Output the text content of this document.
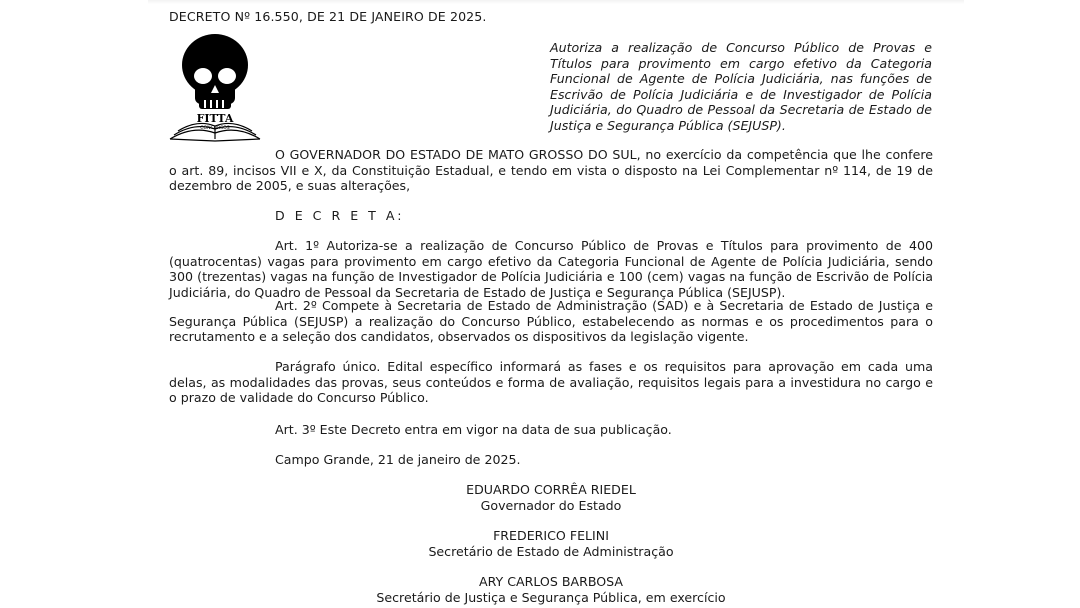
DECRETO Nº 16.550, DE 21 DE JANEIRO DE 2025.
FITTA
CONCURSOS
Autoriza a realização de Concurso Público de Provas e Títulos para provimento em cargo efetivo da Categoria Funcional de Agente de Polícia Judiciária, nas funções de Escrivão de Polícia Judiciária e de Investigador de Polícia Judiciária, do Quadro de Pessoal da Secretaria de Estado de Justiça e Segurança Pública (SEJUSP).
O GOVERNADOR DO ESTADO DE MATO GROSSO DO SUL, no exercício da competência que lhe confere o art. 89, incisos VII e X, da Constituição Estadual, e tendo em vista o disposto na Lei Complementar nº 114, de 19 de dezembro de 2005, e suas alterações,
D E C R E T A:
Art. 1º Autoriza-se a realização de Concurso Público de Provas e Títulos para provimento de 400 (quatrocentas) vagas para provimento em cargo efetivo da Categoria Funcional de Agente de Polícia Judiciária, sendo 300 (trezentas) vagas na função de Investigador de Polícia Judiciária e 100 (cem) vagas na função de Escrivão de Polícia Judiciária, do Quadro de Pessoal da Secretaria de Estado de Justiça e Segurança Pública (SEJUSP).
Art. 2º Compete à Secretaria de Estado de Administração (SAD) e à Secretaria de Estado de Justiça e Segurança Pública (SEJUSP) a realização do Concurso Público, estabelecendo as normas e os procedimentos para o recrutamento e a seleção dos candidatos, observados os dispositivos da legislação vigente.
Parágrafo único. Edital específico informará as fases e os requisitos para aprovação em cada uma delas, as modalidades das provas, seus conteúdos e forma de avaliação, requisitos legais para a investidura no cargo e o prazo de validade do Concurso Público.
Art. 3º Este Decreto entra em vigor na data de sua publicação.
Campo Grande, 21 de janeiro de 2025.
EDUARDO CORRÊA RIEDEL
Governador do Estado
FREDERICO FELINI
Secretário de Estado de Administração
ARY CARLOS BARBOSA
Secretário de Justiça e Segurança Pública, em exercício
